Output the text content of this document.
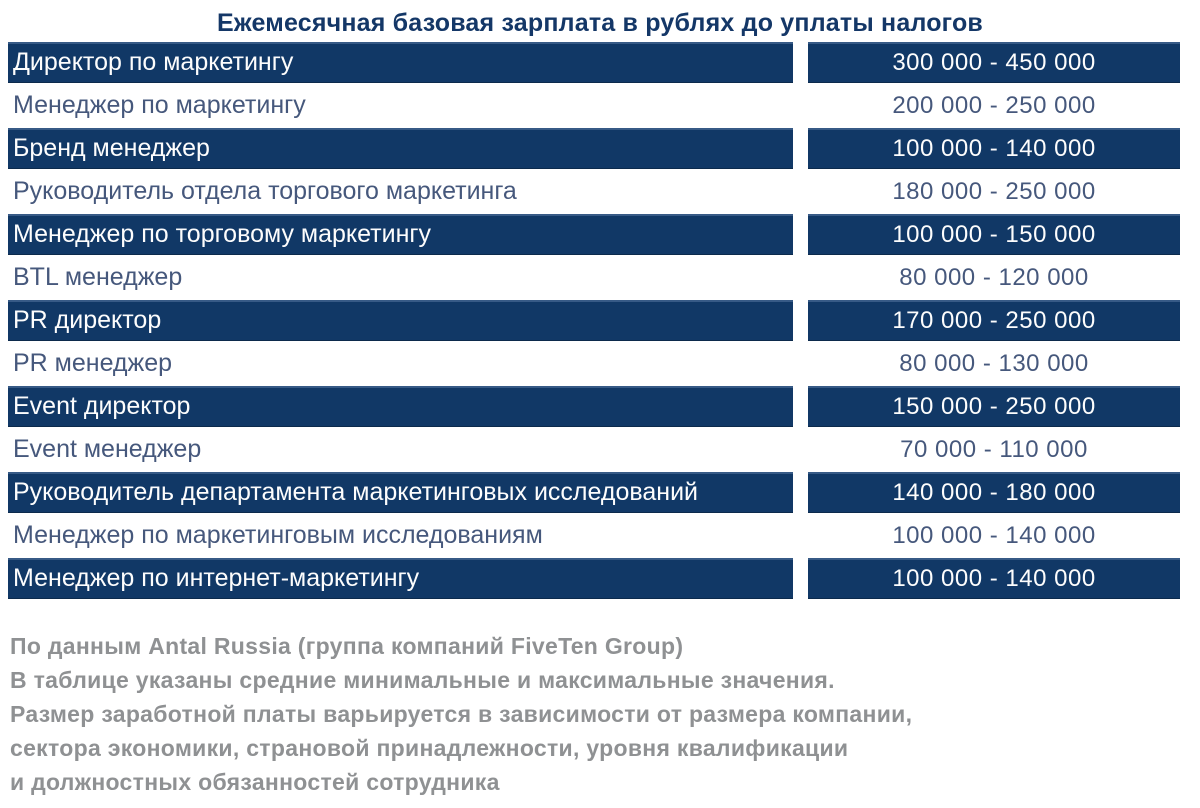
Ежемесячная базовая зарплата в рублях до уплаты налогов
Директор по маркетингу	300 000 - 450 000
Менеджер по маркетингу	200 000 - 250 000
Бренд менеджер	100 000 - 140 000
Руководитель отдела торгового маркетинга	180 000 - 250 000
Менеджер по торговому маркетингу	100 000 - 150 000
BTL менеджер	80 000 - 120 000
PR директор	170 000 - 250 000
PR менеджер	80 000 - 130 000
Event директор	150 000 - 250 000
Event менеджер	70 000 - 110 000
Руководитель департамента маркетинговых исследований	140 000 - 180 000
Менеджер по маркетинговым исследованиям	100 000 - 140 000
Менеджер по интернет-маркетингу	100 000 - 140 000

По данным Antal Russia (группа компаний FiveTen Group)

В таблице указаны средние минимальные и максимальные значения.

Размер заработной платы варьируется в зависимости от размера компании,

сектора экономики, страновой принадлежности, уровня квалификации

и должностных обязанностей сотрудника
